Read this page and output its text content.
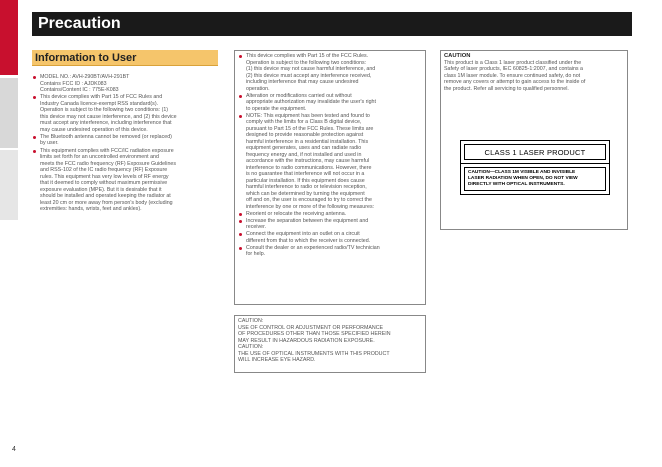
Precaution
Information to User
MODEL NO.: AVH-290BT/AVH-291BT
Contains FCC ID : AJDK083
Contains/Content IC : 775E-K083
This device complies with Part 15 of FCC Rules and
Industry Canada licence-exempt RSS standard(s).
Operation is subject to the following two conditions: (1)
this device may not cause interference, and (2) this device
must accept any interference, including interference that
may cause undesired operation of this device.
The Bluetooth antenna cannot be removed (or replaced)
by user.
This equipment complies with FCC/IC radiation exposure
limits set forth for an uncontrolled environment and
meets the FCC radio frequency (RF) Exposure Guidelines
and RSS-102 of the IC radio frequency (RF) Exposure
rules. This equipment has very low levels of RF energy
that it deemed to comply without maximum permissive
exposure evaluation (MPE). But it is desirable that it
should be installed and operated keeping the radiator at
least 20 cm or more away from person's body (excluding
extremities: hands, wrists, feet and ankles).
This device complies with Part 15 of the FCC Rules.
Operation is subject to the following two conditions:
(1) this device may not cause harmful interference, and
(2) this device must accept any interference received,
including interference that may cause undesired
operation.
Alteration or modifications carried out without
appropriate authorization may invalidate the user's right
to operate the equipment.
NOTE: This equipment has been tested and found to
comply with the limits for a Class B digital device,
pursuant to Part 15 of the FCC Rules. These limits are
designed to provide reasonable protection against
harmful interference in a residential installation. This
equipment generates, uses and can radiate radio
frequency energy and, if not installed and used in
accordance with the instructions, may cause harmful
interference to radio communications. However, there
is no guarantee that interference will not occur in a
particular installation. If this equipment does cause
harmful interference to radio or television reception,
which can be determined by turning the equipment
off and on, the user is encouraged to try to correct the
interference by one or more of the following measures:
Reorient or relocate the receiving antenna.
Increase the separation between the equipment and
receiver.
Connect the equipment into an outlet on a circuit
different from that to which the receiver is connected.
Consult the dealer or an experienced radio/TV technician
for help.
CAUTION:
USE OF CONTROL OR ADJUSTMENT OR PERFORMANCE
OF PROCEDURES OTHER THAN THOSE SPECIFIED HEREIN
MAY RESULT IN HAZARDOUS RADIATION EXPOSURE.
CAUTION:
THE USE OF OPTICAL INSTRUMENTS WITH THIS PRODUCT
WILL INCREASE EYE HAZARD.
CAUTION
This product is a Class 1 laser product classified under the
Safety of laser products, IEC 60825-1:2007, and contains a
class 1M laser module. To ensure continued safety, do not
remove any covers or attempt to gain access to the inside of
the product. Refer all servicing to qualified personnel.
CLASS 1 LASER PRODUCT
CAUTION—CLASS 1M VISIBLE AND INVISIBLE
LASER RADIATION WHEN OPEN, DO NOT VIEW
DIRECTLY WITH OPTICAL INSTRUMENTS.
4
